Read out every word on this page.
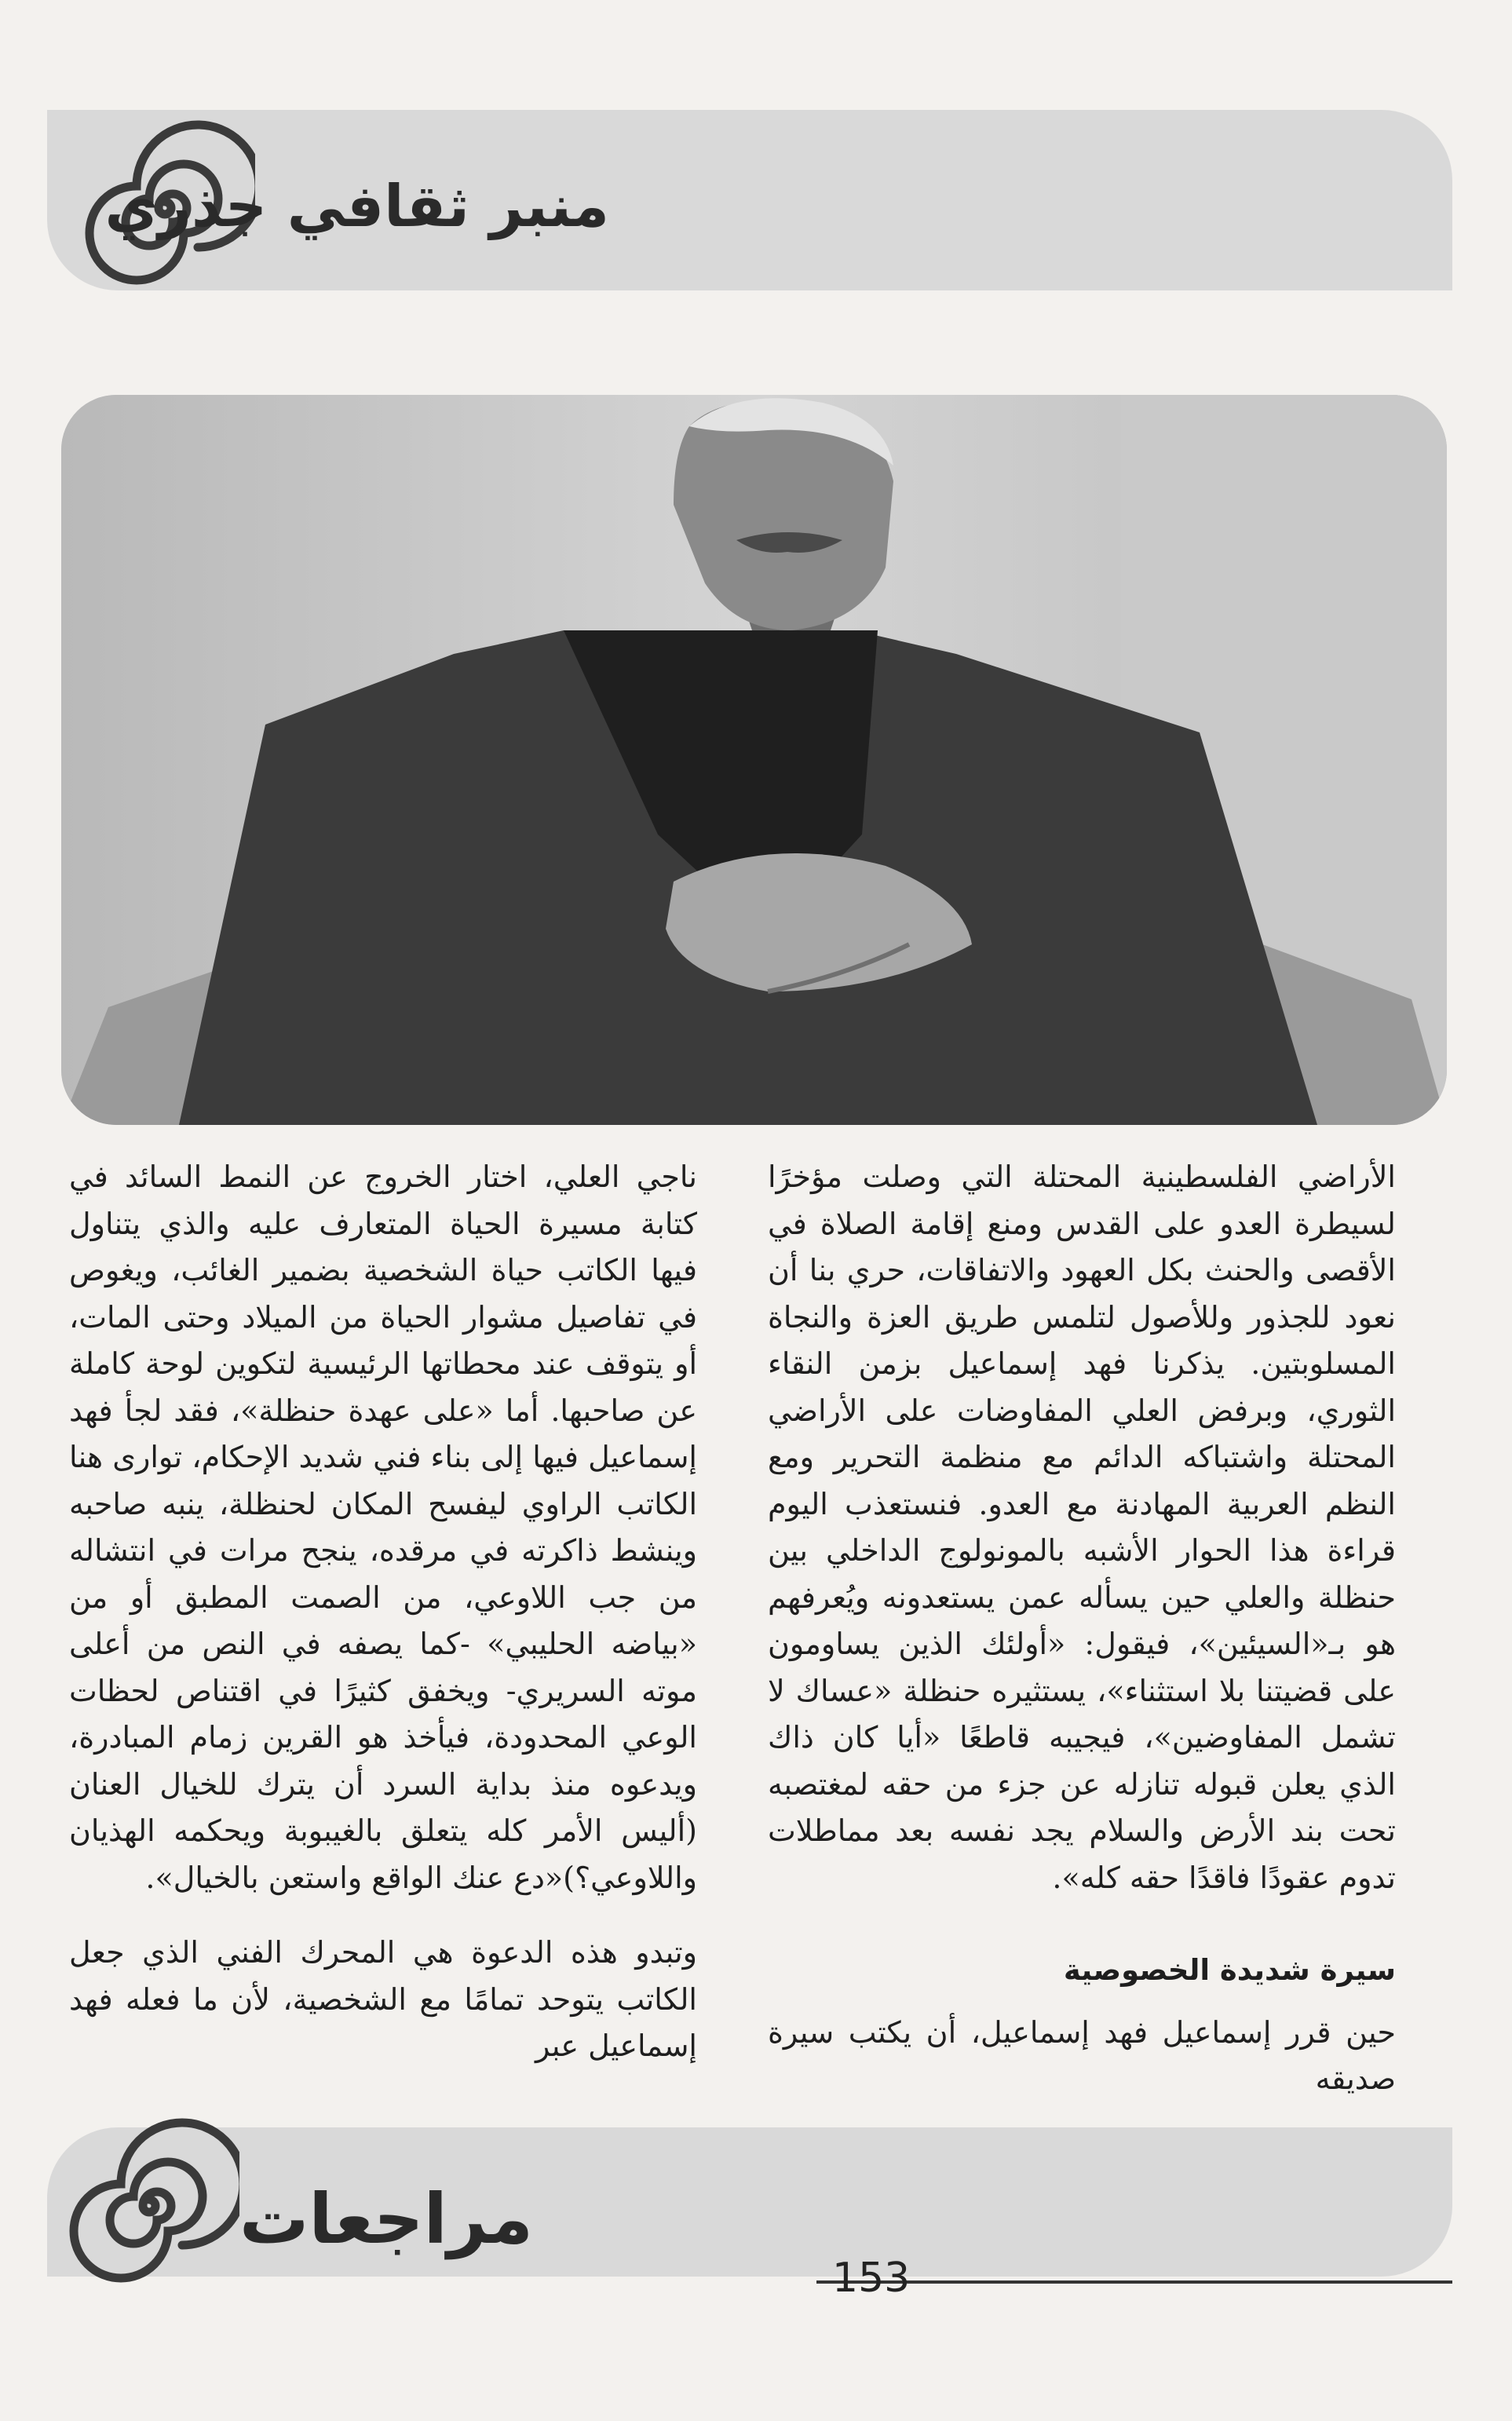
منبر ثقافي جذري

الأراضي الفلسطينية المحتلة التي وصلت مؤخرًا لسيطرة العدو على القدس ومنع إقامة الصلاة في الأقصى والحنث بكل العهود والاتفاقات، حري بنا أن نعود للجذور وللأصول لتلمس طريق العزة والنجاة المسلوبتين. يذكرنا فهد إسماعيل بزمن النقاء الثوري، وبرفض العلي المفاوضات على الأراضي المحتلة واشتباكه الدائم مع منظمة التحرير ومع النظم العربية المهادنة مع العدو. فنستعذب اليوم قراءة هذا الحوار الأشبه بالمونولوج الداخلي بين حنظلة والعلي حين يسأله عمن يستعدونه ويُعرفهم هو بـ«السيئين»، فيقول: «أولئك الذين يساومون على قضيتنا بلا استثناء»، يستثيره حنظلة «عساك لا تشمل المفاوضين»، فيجيبه قاطعًا «أيا كان ذاك الذي يعلن قبوله تنازله عن جزء من حقه لمغتصبه تحت بند الأرض والسلام يجد نفسه بعد مماطلات تدوم عقودًا فاقدًا حقه كله».

سيرة شديدة الخصوصية

حين قرر إسماعيل فهد إسماعيل، أن يكتب سيرة صديقه

ناجي العلي، اختار الخروج عن النمط السائد في كتابة مسيرة الحياة المتعارف عليه والذي يتناول فيها الكاتب حياة الشخصية بضمير الغائب، ويغوص في تفاصيل مشوار الحياة من الميلاد وحتى المات، أو يتوقف عند محطاتها الرئيسية لتكوين لوحة كاملة عن صاحبها. أما «على عهدة حنظلة»، فقد لجأ فهد إسماعيل فيها إلى بناء فني شديد الإحكام، توارى هنا الكاتب الراوي ليفسح المكان لحنظلة، ينبه صاحبه وينشط ذاكرته في مرقده، ينجح مرات في انتشاله من جب اللاوعي، من الصمت المطبق أو من «بياضه الحليبي» -كما يصفه في النص من أعلى موته السريري- ويخفق كثيرًا في اقتناص لحظات الوعي المحدودة، فيأخذ هو القرين زمام المبادرة، ويدعوه منذ بداية السرد أن يترك للخيال العنان (أليس الأمر كله يتعلق بالغيبوبة ويحكمه الهذيان واللاوعي؟)«دع عنك الواقع واستعن بالخيال».

وتبدو هذه الدعوة هي المحرك الفني الذي جعل الكاتب يتوحد تمامًا مع الشخصية، لأن ما فعله فهد إسماعيل عبر

مراجعات
153
